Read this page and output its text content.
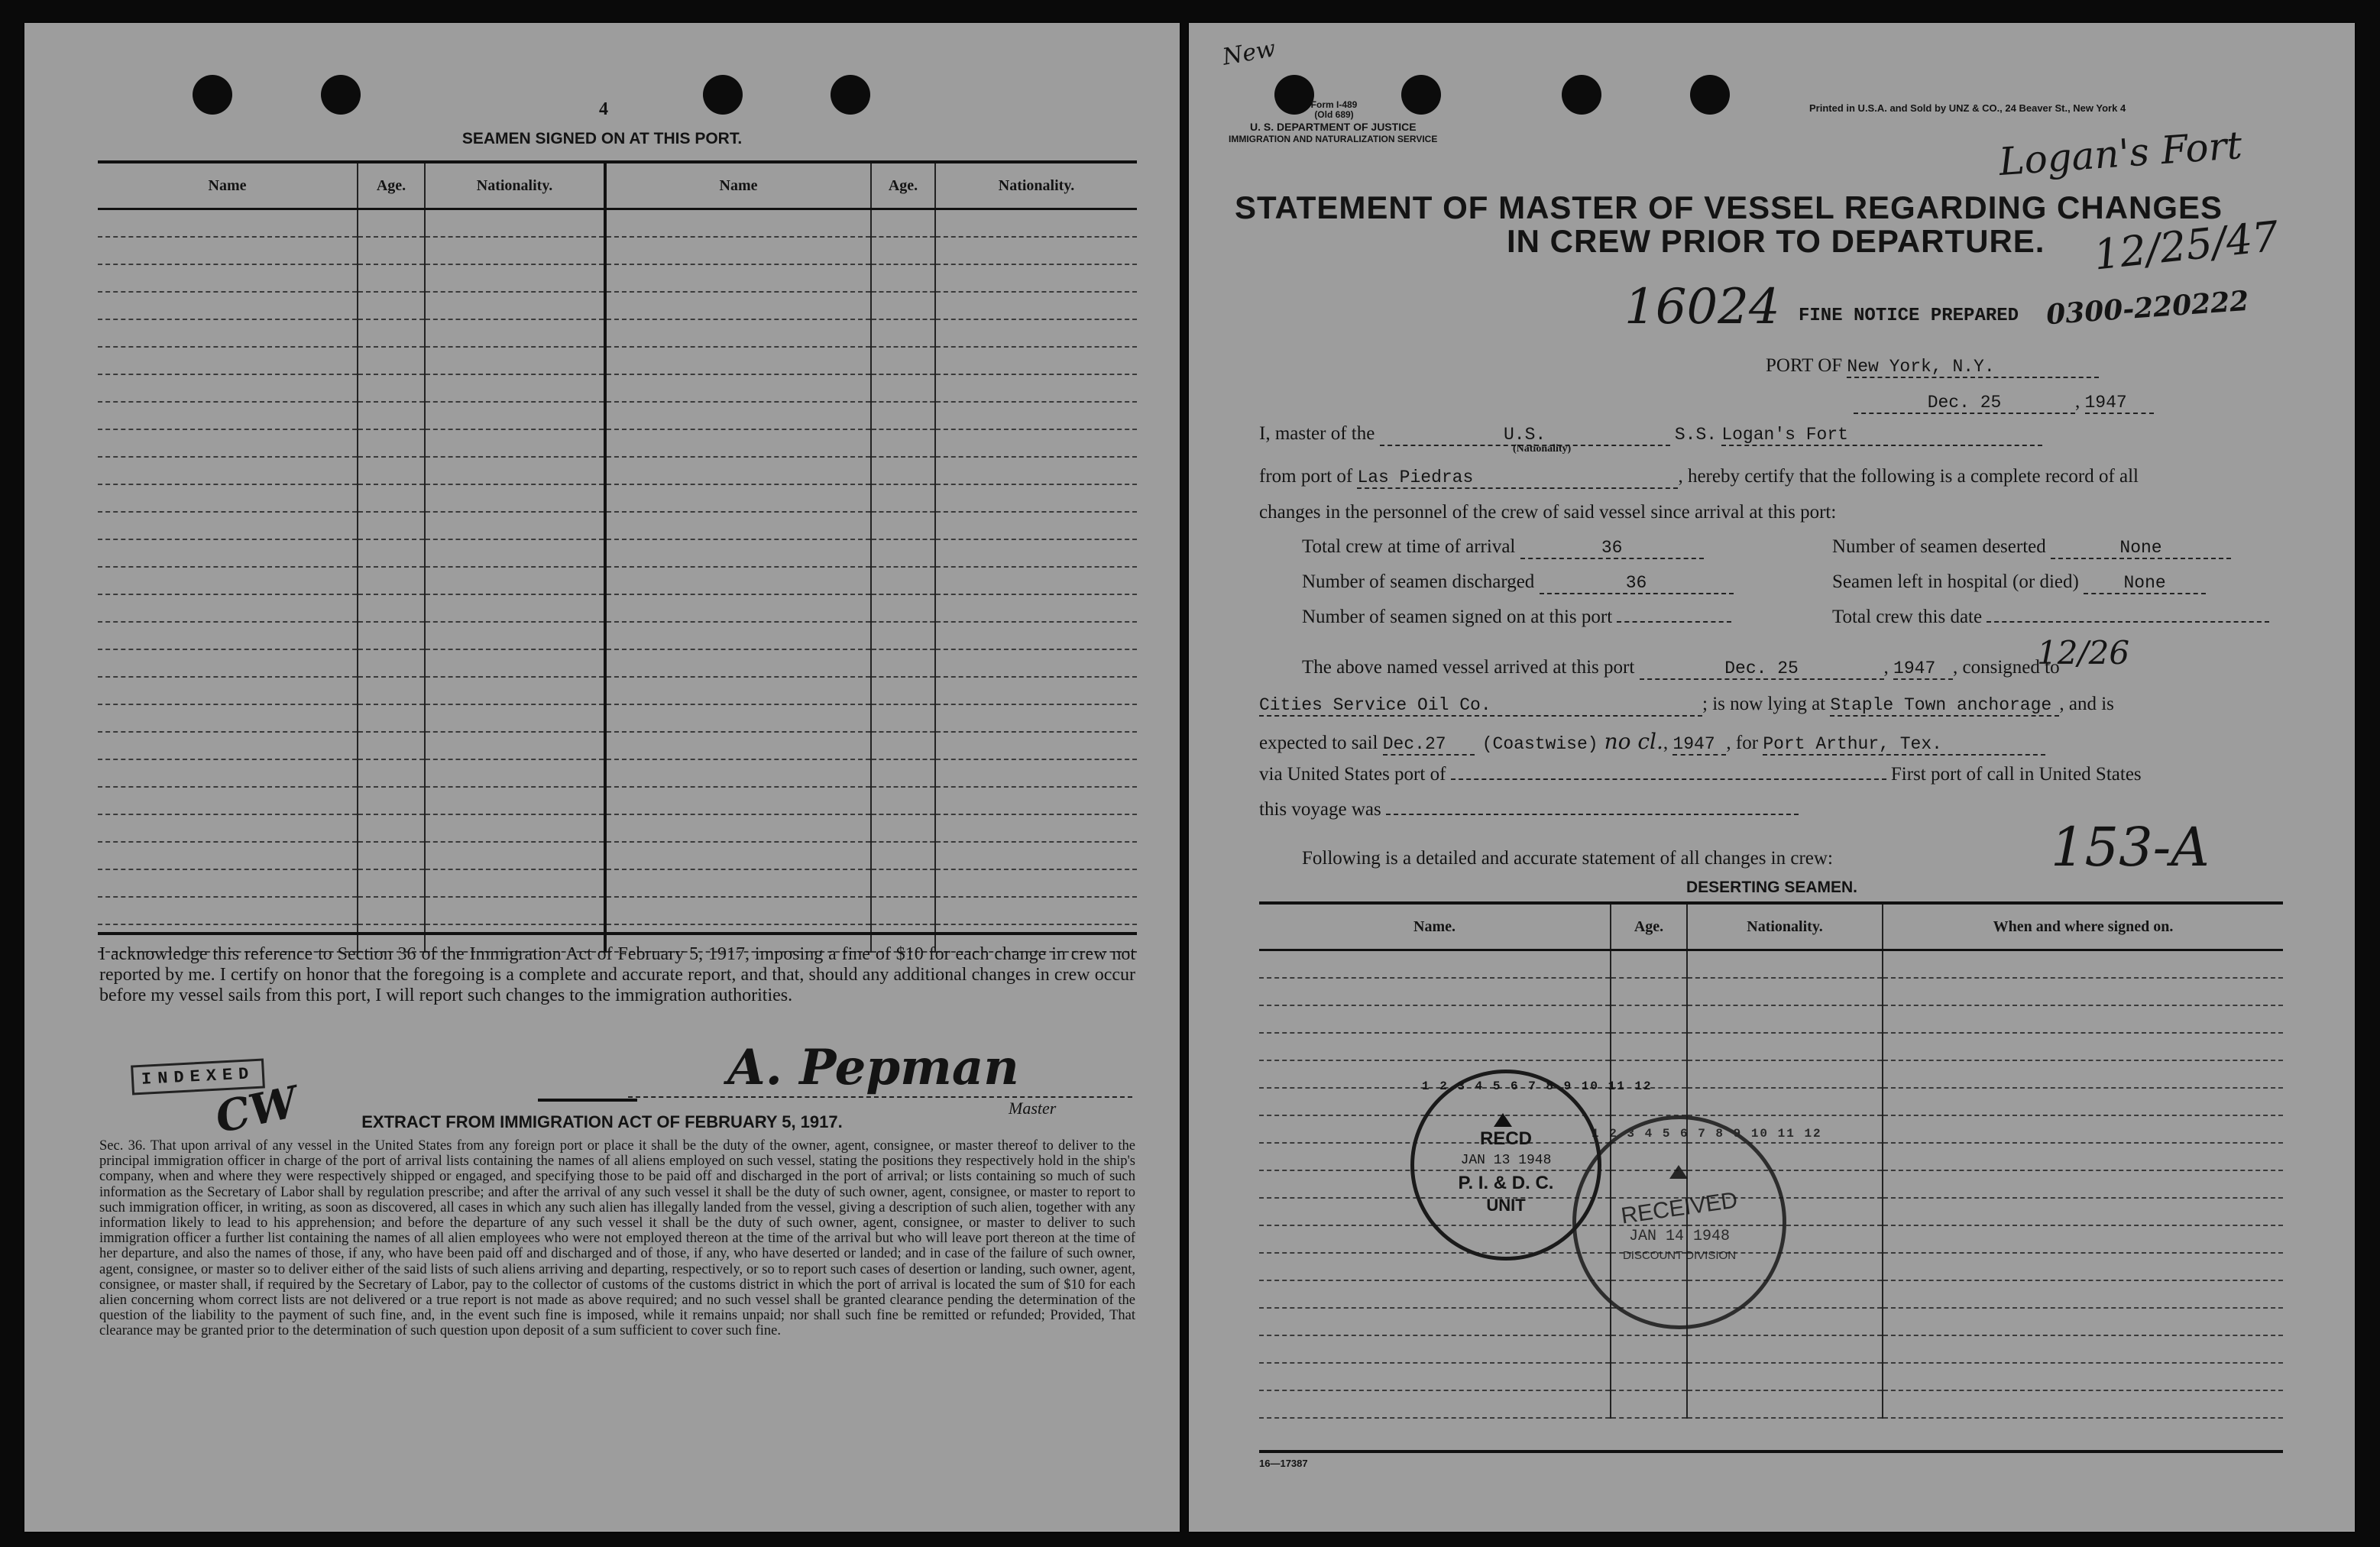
4
SEAMEN SIGNED ON AT THIS PORT.
Name	Age.	Nationality.	Name	Age.	Nationality.

I acknowledge this reference to Section 36 of the Immigration Act of February 5, 1917, imposing a fine of $10 for each change in crew not reported by me. I certify on honor that the foregoing is a complete and accurate report, and that, should any additional changes in crew occur before my vessel sails from this port, I will report such changes to the immigration authorities.
INDEXED
CW
A. Pepman
Master
EXTRACT FROM IMMIGRATION ACT OF FEBRUARY 5, 1917.
Sec. 36. That upon arrival of any vessel in the United States from any foreign port or place it shall be the duty of the owner, agent, consignee, or master thereof to deliver to the principal immigration officer in charge of the port of arrival lists containing the names of all aliens employed on such vessel, stating the positions they respectively hold in the ship's company, when and where they were respectively shipped or engaged, and specifying those to be paid off and discharged in the port of arrival; or lists containing so much of such information as the Secretary of Labor shall by regulation prescribe; and after the arrival of any such vessel it shall be the duty of such owner, agent, consignee, or master to report to such immigration officer, in writing, as soon as discovered, all cases in which any such alien has illegally landed from the vessel, giving a description of such alien, together with any information likely to lead to his apprehension; and before the departure of any such vessel it shall be the duty of such owner, agent, consignee, or master to deliver to such immigration officer a further list containing the names of all alien employees who were not employed thereon at the time of the arrival but who will leave port thereon at the time of her departure, and also the names of those, if any, who have been paid off and discharged and of those, if any, who have deserted or landed; and in case of the failure of such owner, agent, consignee, or master so to deliver either of the said lists of such aliens arriving and departing, respectively, or so to report such cases of desertion or landing, such owner, agent, consignee, or master shall, if required by the Secretary of Labor, pay to the collector of customs of the customs district in which the port of arrival is located the sum of $10 for each alien concerning whom correct lists are not delivered or a true report is not made as above required; and no such vessel shall be granted clearance pending the determination of the question of the liability to the payment of such fine, and, in the event such fine is imposed, while it remains unpaid; nor shall such fine be remitted or refunded; Provided, That clearance may be granted prior to the determination of such question upon deposit of a sum sufficient to cover such fine.
New
Form I-489
(Old 689)
U. S. DEPARTMENT OF JUSTICE
IMMIGRATION AND NATURALIZATION SERVICE
Printed in U.S.A. and Sold by UNZ & CO., 24 Beaver St., New York 4
Logan's Fort
STATEMENT OF MASTER OF VESSEL REGARDING CHANGES
IN CREW PRIOR TO DEPARTURE. 12/25/47
16024 FINE NOTICE PREPARED 0300-220222
PORT OF New York, N.Y.
Dec. 25	, 1947
I, master of the	U.S.	S.S. Logan's Fort
(Nationality)
from port of Las Piedras	, hereby certify that the following is a complete record of all
changes in the personnel of the crew of said vessel since arrival at this port:
Total crew at time of arrival	36
Number of seamen discharged	36
Number of seamen signed on at this port
Number of seamen deserted	None
Seamen left in hospital (or died)	None
Total crew this date
The above named vessel arrived at this port	Dec. 25	, 1947 , consigned to
12/26
Cities Service Oil Co.	; is now lying at Staple Town anchorage , and is
expected to sail Dec.27 (Coastwise) no cl., 1947 , for Port Arthur, Tex.
via United States port of	First port of call in United States
this voyage was
Following is a detailed and accurate statement of all changes in crew:	153-A
DESERTING SEAMEN.
Name.	Age.	Nationality.	When and where signed on.

16—17387
1 2 3 4 5 6 7 8 9 10 11 12
RECD
JAN 13 1948
P. I. & D. C.
UNIT
1 2 3 4 5 6 7 8 9 10 11 12
RECEIVED
JAN 14 1948
DISCOUNT DIVISION
